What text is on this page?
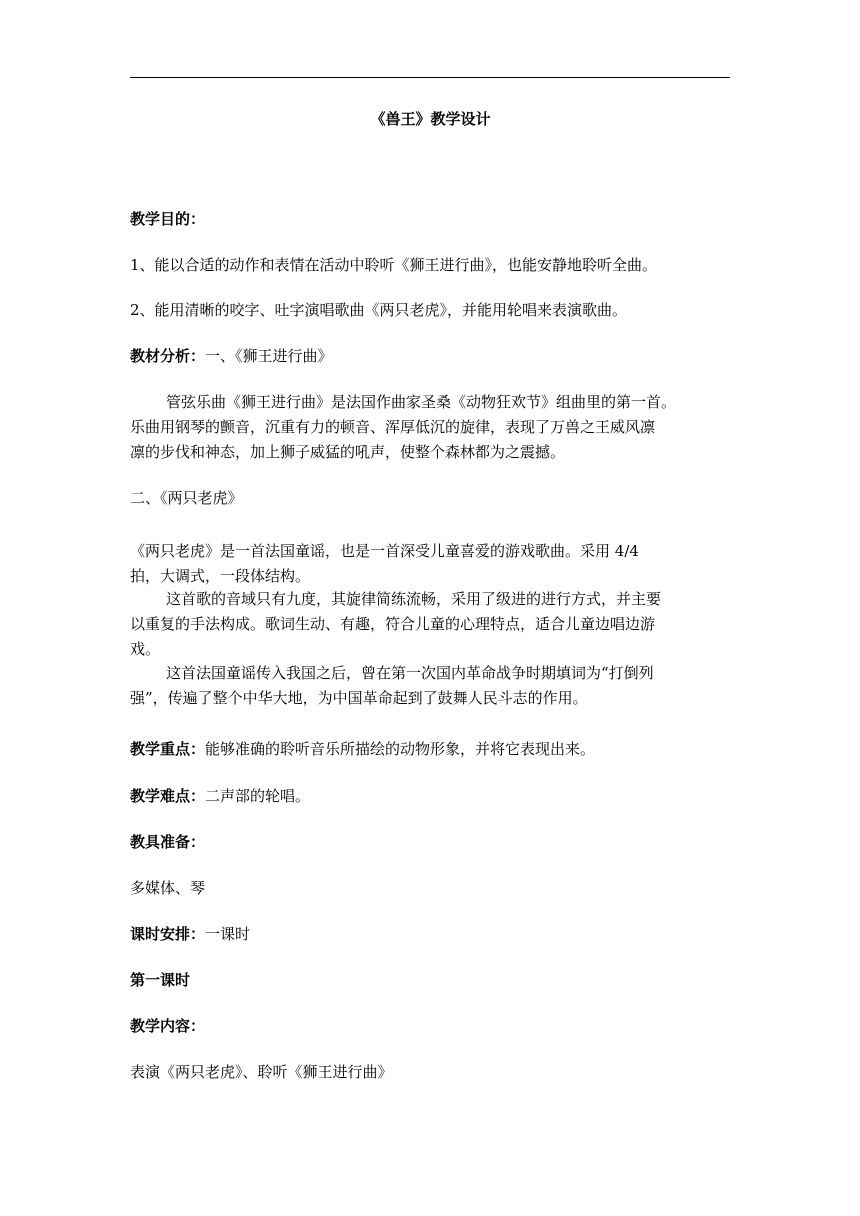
《兽王》教学设计
教学目的：
1、能以合适的动作和表情在活动中聆听《狮王进行曲》，也能安静地聆听全曲。
2、能用清晰的咬字、吐字演唱歌曲《两只老虎》，并能用轮唱来表演歌曲。
教材分析：一、《狮王进行曲》
管弦乐曲《狮王进行曲》是法国作曲家圣桑《动物狂欢节》组曲里的第一首。
乐曲用钢琴的颤音，沉重有力的顿音、浑厚低沉的旋律，表现了万兽之王威风凛
凛的步伐和神态，加上狮子威猛的吼声，使整个森林都为之震撼。
二、《两只老虎》
《两只老虎》是一首法国童谣，也是一首深受儿童喜爱的游戏歌曲。采用 4/4
拍，大调式，一段体结构。
这首歌的音域只有九度，其旋律简练流畅，采用了级进的进行方式，并主要
以重复的手法构成。歌词生动、有趣，符合儿童的心理特点，适合儿童边唱边游
戏。
这首法国童谣传入我国之后，曾在第一次国内革命战争时期填词为“打倒列
强”，传遍了整个中华大地，为中国革命起到了鼓舞人民斗志的作用。
教学重点：能够准确的聆听音乐所描绘的动物形象，并将它表现出来。
教学难点：二声部的轮唱。
教具准备：
多媒体、琴
课时安排：一课时
第一课时
教学内容：
表演《两只老虎》、聆听《狮王进行曲》
